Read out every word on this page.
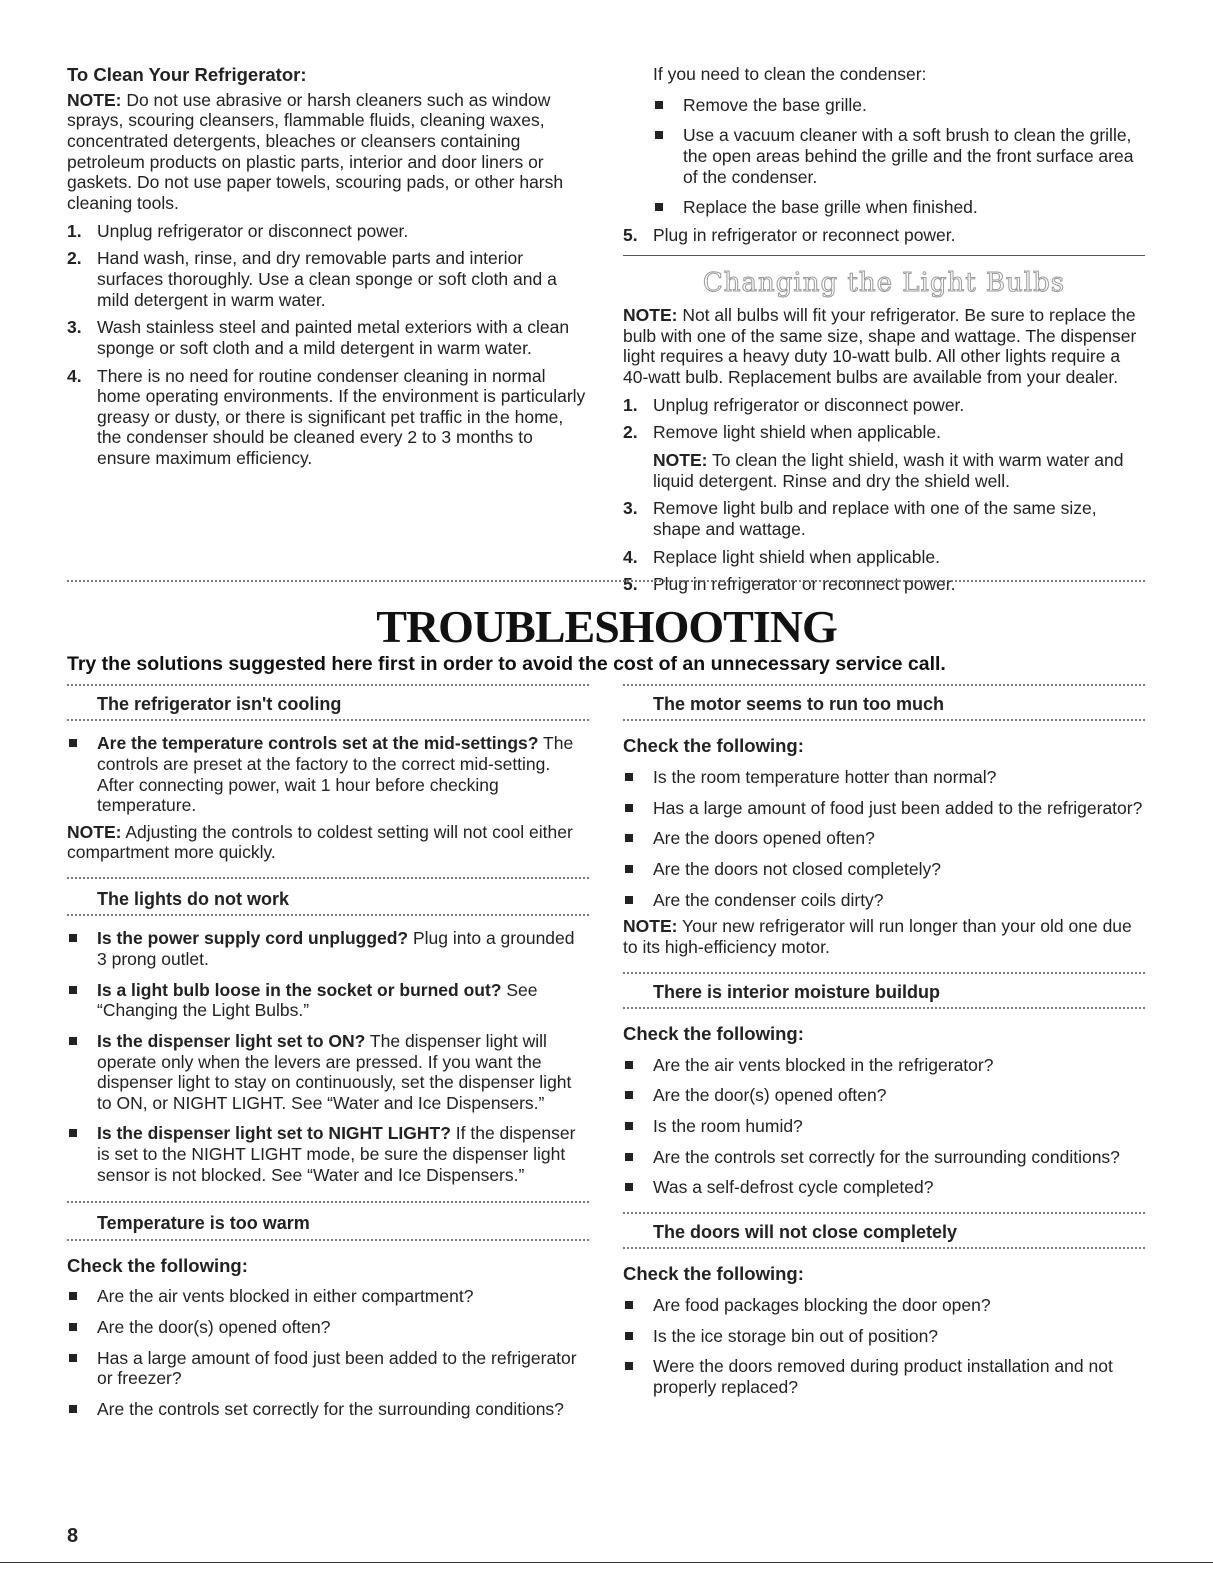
To Clean Your Refrigerator:

NOTE: Do not use abrasive or harsh cleaners such as window sprays, scouring cleansers, flammable fluids, cleaning waxes, concentrated detergents, bleaches or cleansers containing petroleum products on plastic parts, interior and door liners or gaskets. Do not use paper towels, scouring pads, or other harsh cleaning tools.

1. Unplug refrigerator or disconnect power.
2. Hand wash, rinse, and dry removable parts and interior surfaces thoroughly. Use a clean sponge or soft cloth and a mild detergent in warm water.
3. Wash stainless steel and painted metal exteriors with a clean sponge or soft cloth and a mild detergent in warm water.
4. There is no need for routine condenser cleaning in normal home operating environments. If the environment is particularly greasy or dusty, or there is significant pet traffic in the home, the condenser should be cleaned every 2 to 3 months to ensure maximum efficiency.

If you need to clean the condenser:

Remove the base grille.
Use a vacuum cleaner with a soft brush to clean the grille, the open areas behind the grille and the front surface area of the condenser.
Replace the base grille when finished.
5. Plug in refrigerator or reconnect power.

Changing the Light Bulbs

NOTE: Not all bulbs will fit your refrigerator. Be sure to replace the bulb with one of the same size, shape and wattage. The dispenser light requires a heavy duty 10-watt bulb. All other lights require a 40-watt bulb. Replacement bulbs are available from your dealer.

1. Unplug refrigerator or disconnect power.
2. Remove light shield when applicable.

NOTE: To clean the light shield, wash it with warm water and liquid detergent. Rinse and dry the shield well.

3. Remove light bulb and replace with one of the same size, shape and wattage.
4. Replace light shield when applicable.
5. Plug in refrigerator or reconnect power.
TROUBLESHOOTING
Try the solutions suggested here first in order to avoid the cost of an unnecessary service call.

The refrigerator isn't cooling

Are the temperature controls set at the mid-settings? The controls are preset at the factory to the correct mid-setting. After connecting power, wait 1 hour before checking temperature.

NOTE: Adjusting the controls to coldest setting will not cool either compartment more quickly.

The lights do not work

Is the power supply cord unplugged? Plug into a grounded 3 prong outlet.
Is a light bulb loose in the socket or burned out? See “Changing the Light Bulbs.”
Is the dispenser light set to ON? The dispenser light will operate only when the levers are pressed. If you want the dispenser light to stay on continuously, set the dispenser light to ON, or NIGHT LIGHT. See “Water and Ice Dispensers.”
Is the dispenser light set to NIGHT LIGHT? If the dispenser is set to the NIGHT LIGHT mode, be sure the dispenser light sensor is not blocked. See “Water and Ice Dispensers.”

Temperature is too warm

Check the following:

Are the air vents blocked in either compartment?
Are the door(s) opened often?
Has a large amount of food just been added to the refrigerator or freezer?
Are the controls set correctly for the surrounding conditions?

The motor seems to run too much

Check the following:

Is the room temperature hotter than normal?
Has a large amount of food just been added to the refrigerator?
Are the doors opened often?
Are the doors not closed completely?
Are the condenser coils dirty?

NOTE: Your new refrigerator will run longer than your old one due to its high-efficiency motor.

There is interior moisture buildup

Check the following:

Are the air vents blocked in the refrigerator?
Are the door(s) opened often?
Is the room humid?
Are the controls set correctly for the surrounding conditions?
Was a self-defrost cycle completed?

The doors will not close completely

Check the following:

Are food packages blocking the door open?
Is the ice storage bin out of position?
Were the doors removed during product installation and not properly replaced?
8
